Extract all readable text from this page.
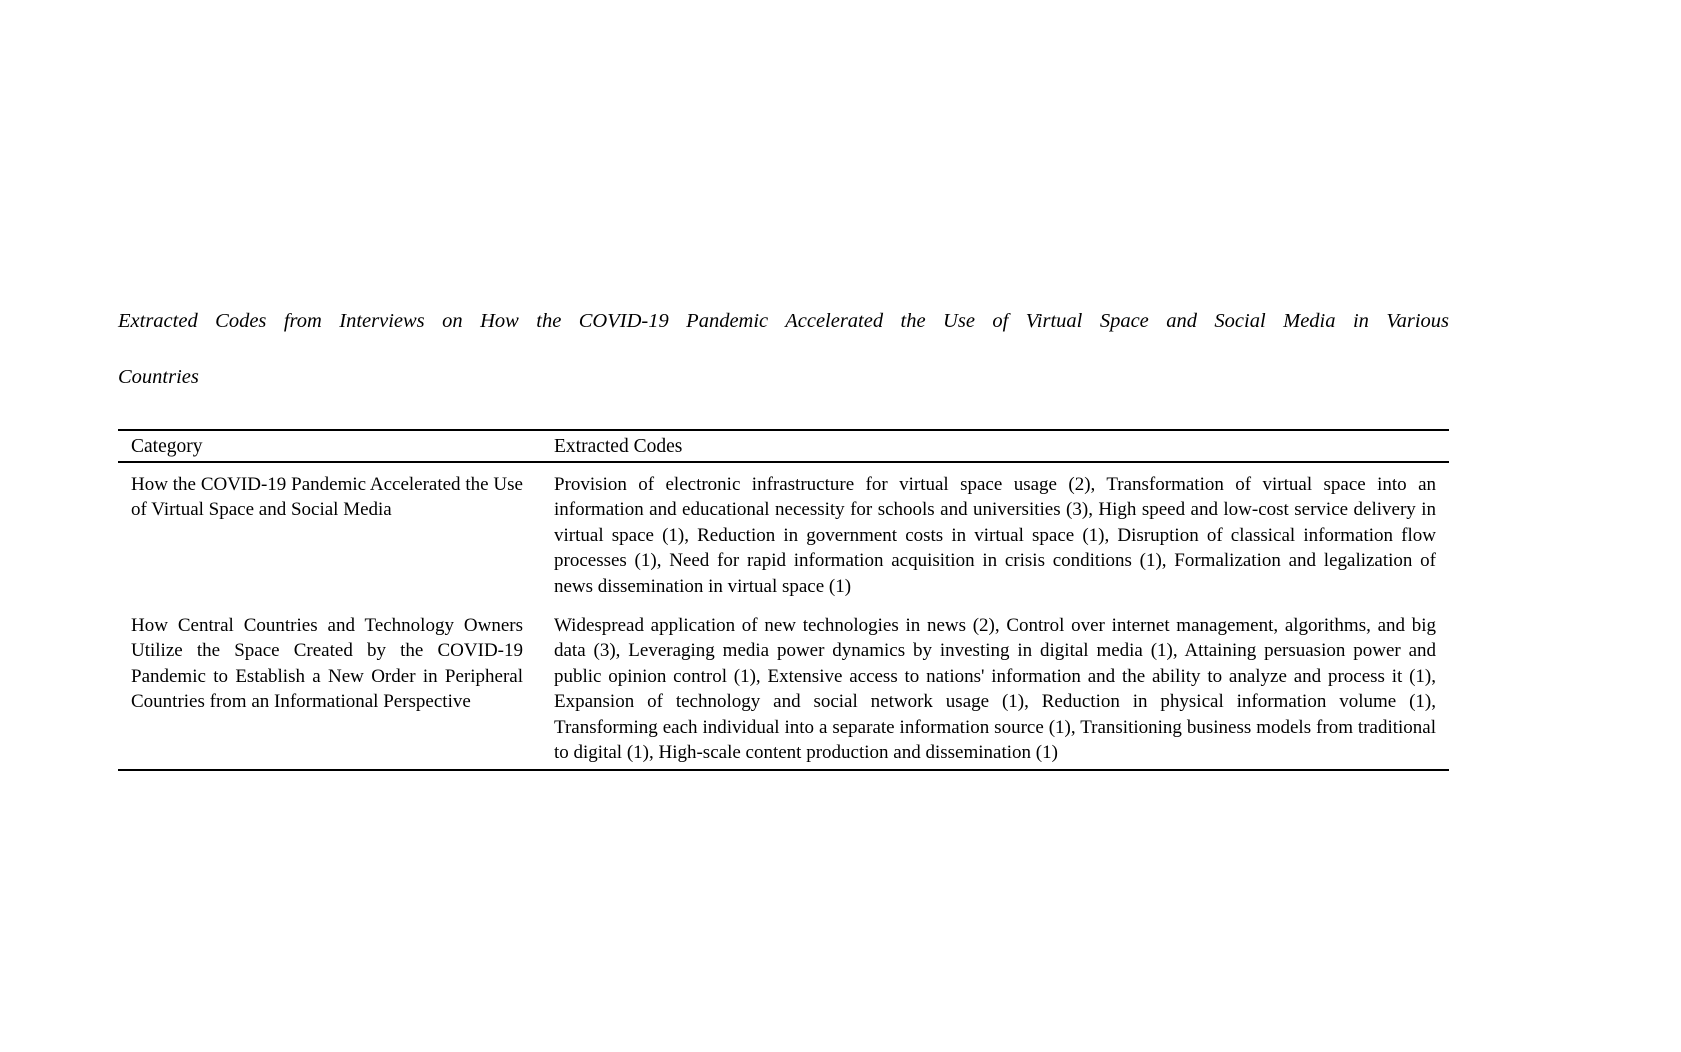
Extracted Codes from Interviews on How the COVID-19 Pandemic Accelerated the Use of Virtual Space and Social Media in Various
Countries
Category	Extracted Codes
How the COVID-19 Pandemic Accelerated the Use of Virtual Space and Social Media	Provision of electronic infrastructure for virtual space usage (2), Transformation of virtual space into an information and educational necessity for schools and universities (3), High speed and low-cost service delivery in virtual space (1), Reduction in government costs in virtual space (1), Disruption of classical information flow processes (1), Need for rapid information acquisition in crisis conditions (1), Formalization and legalization of news dissemination in virtual space (1)
How Central Countries and Technology Owners Utilize the Space Created by the COVID-19 Pandemic to Establish a New Order in Peripheral Countries from an Informational Perspective	Widespread application of new technologies in news (2), Control over internet management, algorithms, and big data (3), Leveraging media power dynamics by investing in digital media (1), Attaining persuasion power and public opinion control (1), Extensive access to nations' information and the ability to analyze and process it (1), Expansion of technology and social network usage (1), Reduction in physical information volume (1), Transforming each individual into a separate information source (1), Transitioning business models from traditional to digital (1), High-scale content production and dissemination (1)
